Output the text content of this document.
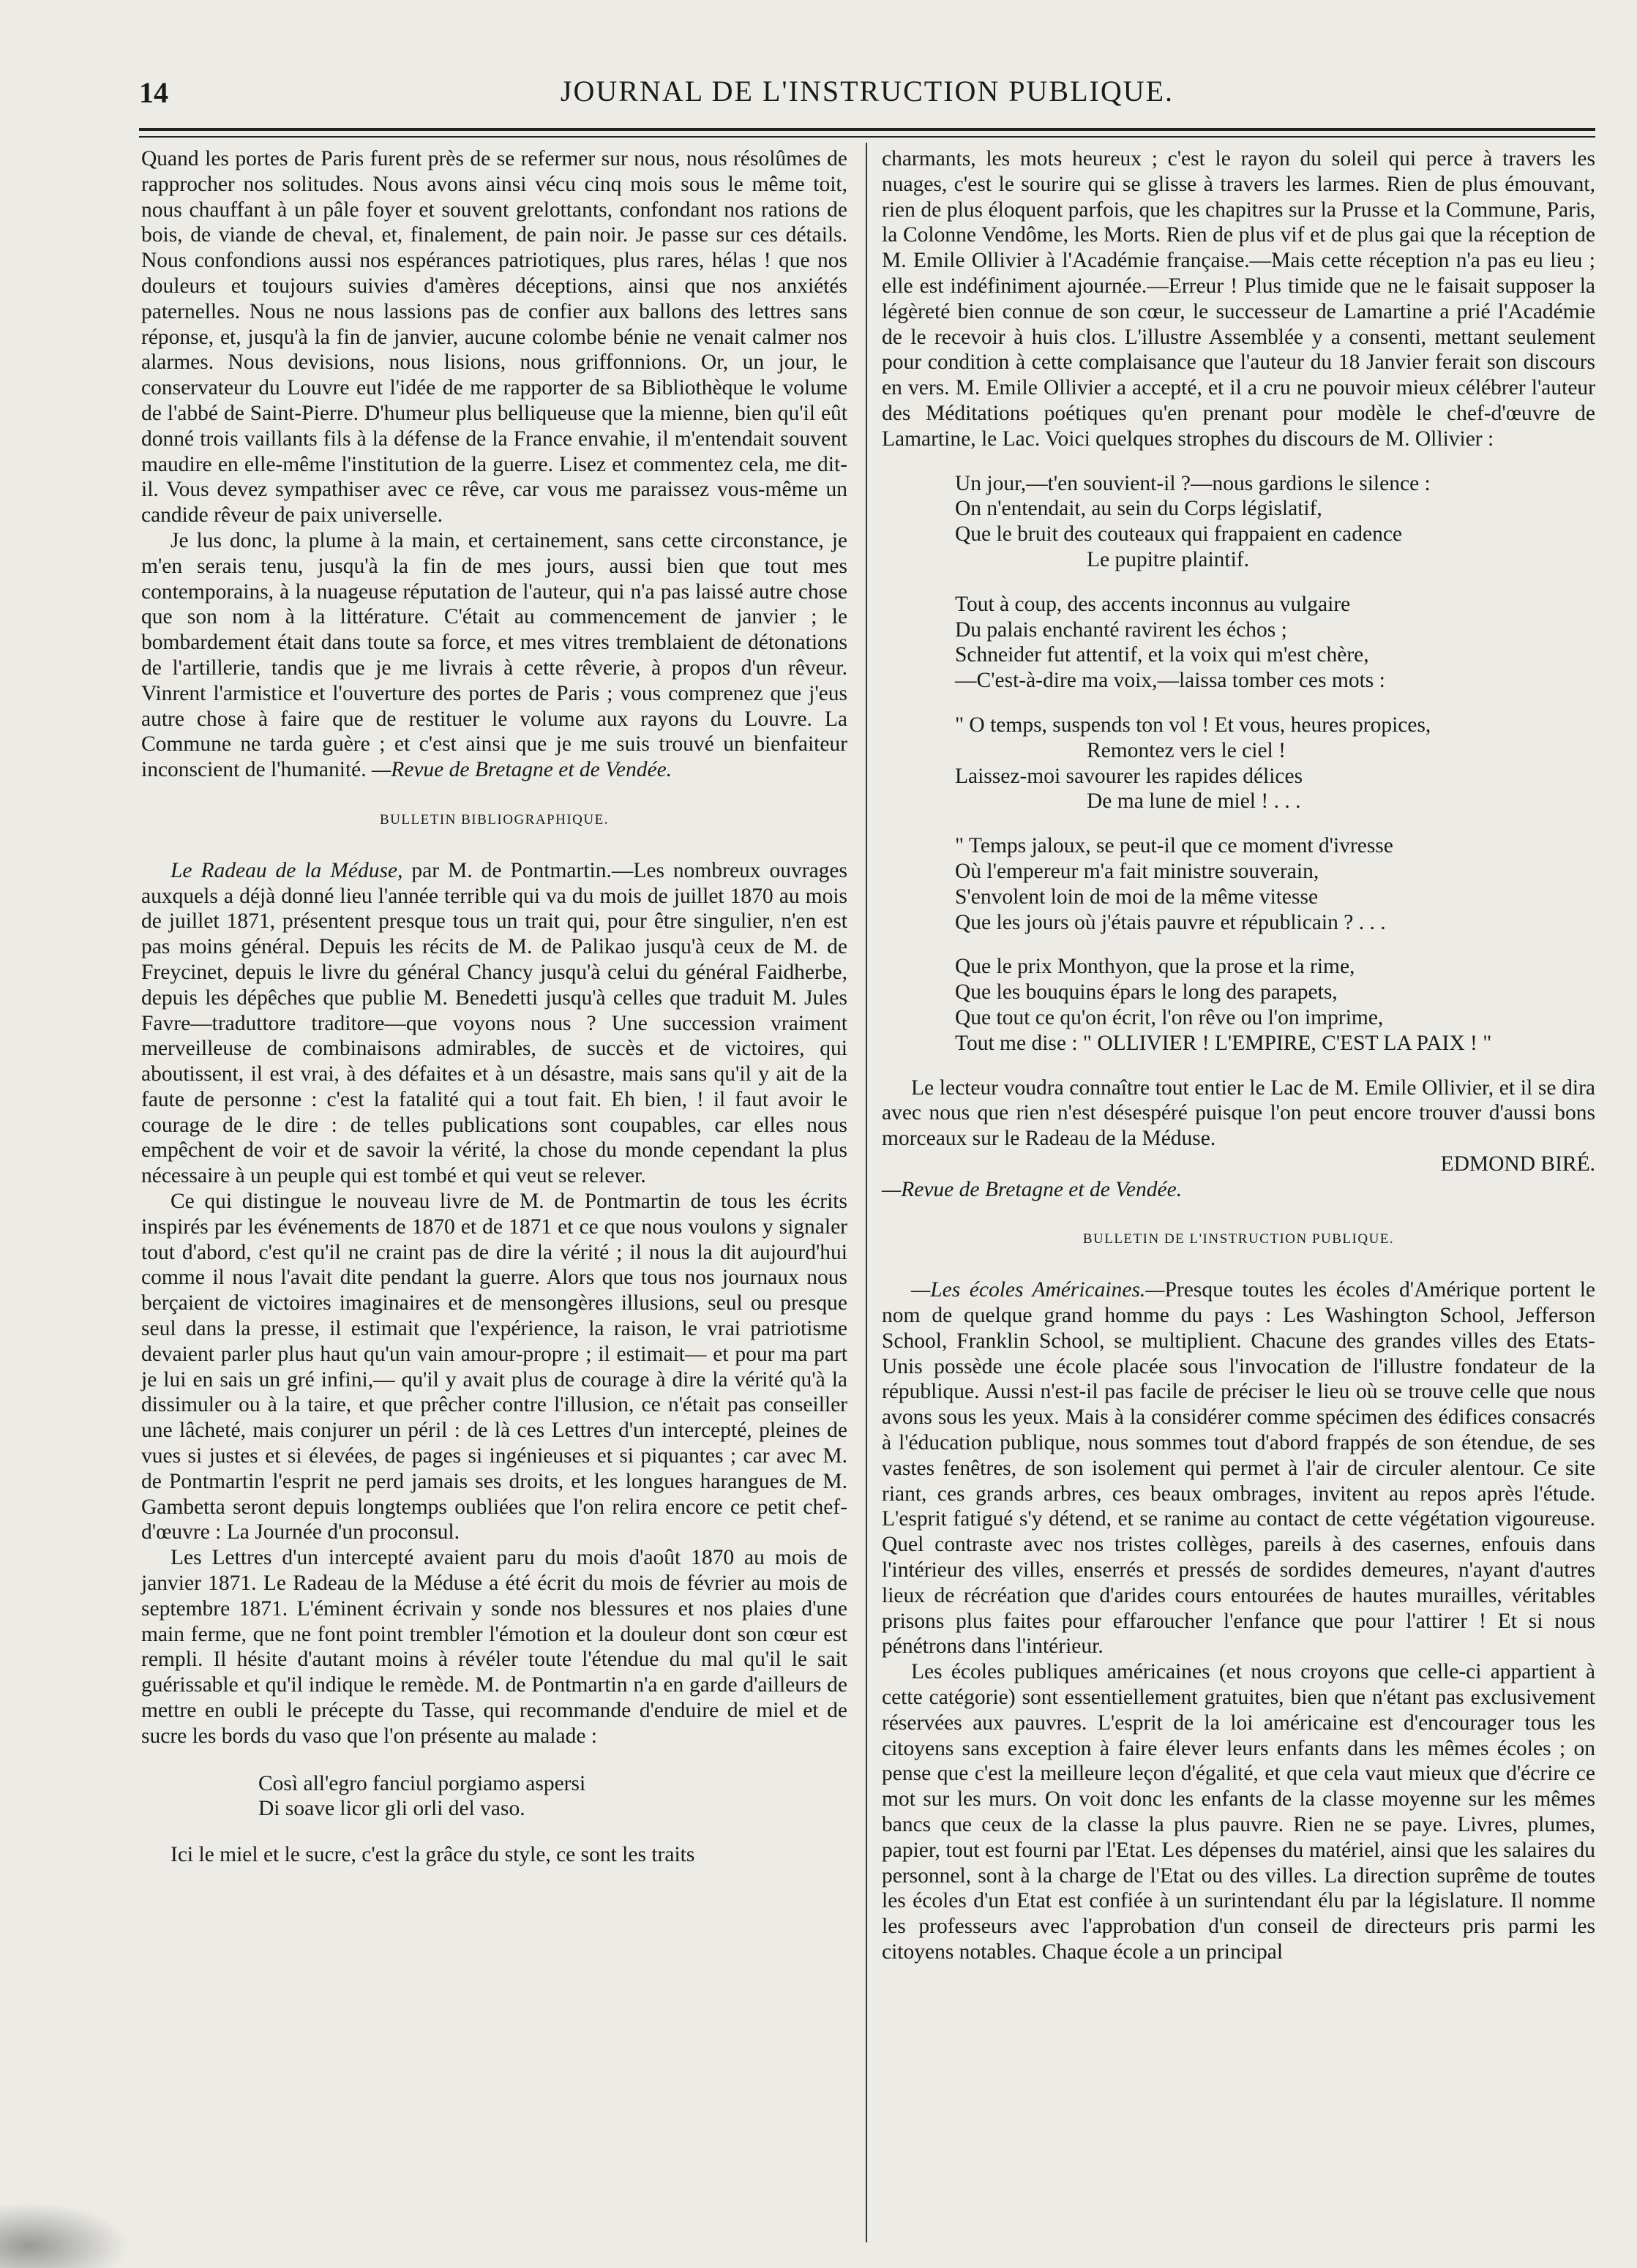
14	JOURNAL DE L'INSTRUCTION PUBLIQUE.

Quand les portes de Paris furent près de se refermer sur nous, nous résolûmes de rapprocher nos solitudes. Nous avons ainsi vécu cinq mois sous le même toit, nous chauffant à un pâle foyer et souvent grelottants, confondant nos rations de bois, de viande de cheval, et, finalement, de pain noir. Je passe sur ces détails. Nous confondions aussi nos espérances patriotiques, plus rares, hélas ! que nos douleurs et toujours suivies d'amères déceptions, ainsi que nos anxiétés paternelles. Nous ne nous lassions pas de confier aux ballons des lettres sans réponse, et, jusqu'à la fin de janvier, aucune colombe bénie ne venait calmer nos alarmes. Nous devisions, nous lisions, nous griffonnions. Or, un jour, le conservateur du Louvre eut l'idée de me rapporter de sa Bibliothèque le volume de l'abbé de Saint-Pierre. D'humeur plus belliqueuse que la mienne, bien qu'il eût donné trois vaillants fils à la défense de la France envahie, il m'entendait souvent maudire en elle-même l'institution de la guerre. Lisez et commentez cela, me dit-il. Vous devez sympathiser avec ce rêve, car vous me paraissez vous-même un candide rêveur de paix universelle.

Je lus donc, la plume à la main, et certainement, sans cette circonstance, je m'en serais tenu, jusqu'à la fin de mes jours, aussi bien que tout mes contemporains, à la nuageuse réputation de l'auteur, qui n'a pas laissé autre chose que son nom à la littérature. C'était au commencement de janvier ; le bombardement était dans toute sa force, et mes vitres tremblaient de détonations de l'artillerie, tandis que je me livrais à cette rêverie, à propos d'un rêveur. Vinrent l'armistice et l'ouverture des portes de Paris ; vous comprenez que j'eus autre chose à faire que de restituer le volume aux rayons du Louvre. La Commune ne tarda guère ; et c'est ainsi que je me suis trouvé un bienfaiteur inconscient de l'humanité. —Revue de Bretagne et de Vendée.

BULLETIN BIBLIOGRAPHIQUE.

Le Radeau de la Méduse, par M. de Pontmartin.—Les nombreux ouvrages auxquels a déjà donné lieu l'année terrible qui va du mois de juillet 1870 au mois de juillet 1871, présentent presque tous un trait qui, pour être singulier, n'en est pas moins général. Depuis les récits de M. de Palikao jusqu'à ceux de M. de Freycinet, depuis le livre du général Chancy jusqu'à celui du général Faidherbe, depuis les dépêches que publie M. Benedetti jusqu'à celles que traduit M. Jules Favre—traduttore traditore—que voyons nous ? Une succession vraiment merveilleuse de combinaisons admirables, de succès et de victoires, qui aboutissent, il est vrai, à des défaites et à un désastre, mais sans qu'il y ait de la faute de personne : c'est la fatalité qui a tout fait. Eh bien, ! il faut avoir le courage de le dire : de telles publications sont coupables, car elles nous empêchent de voir et de savoir la vérité, la chose du monde cependant la plus nécessaire à un peuple qui est tombé et qui veut se relever.

Ce qui distingue le nouveau livre de M. de Pontmartin de tous les écrits inspirés par les événements de 1870 et de 1871 et ce que nous voulons y signaler tout d'abord, c'est qu'il ne craint pas de dire la vérité ; il nous la dit aujourd'hui comme il nous l'avait dite pendant la guerre. Alors que tous nos journaux nous berçaient de victoires imaginaires et de mensongères illusions, seul ou presque seul dans la presse, il estimait que l'expérience, la raison, le vrai patriotisme devaient parler plus haut qu'un vain amour-propre ; il estimait— et pour ma part je lui en sais un gré infini,— qu'il y avait plus de courage à dire la vérité qu'à la dissimuler ou à la taire, et que prêcher contre l'illusion, ce n'était pas conseiller une lâcheté, mais conjurer un péril : de là ces Lettres d'un intercepté, pleines de vues si justes et si élevées, de pages si ingénieuses et si piquantes ; car avec M. de Pontmartin l'esprit ne perd jamais ses droits, et les longues harangues de M. Gambetta seront depuis longtemps oubliées que l'on relira encore ce petit chef-d'œuvre : La Journée d'un proconsul.

Les Lettres d'un intercepté avaient paru du mois d'août 1870 au mois de janvier 1871. Le Radeau de la Méduse a été écrit du mois de février au mois de septembre 1871. L'éminent écrivain y sonde nos blessures et nos plaies d'une main ferme, que ne font point trembler l'émotion et la douleur dont son cœur est rempli. Il hésite d'autant moins à révéler toute l'étendue du mal qu'il le sait guérissable et qu'il indique le remède. M. de Pontmartin n'a en garde d'ailleurs de mettre en oubli le précepte du Tasse, qui recommande d'enduire de miel et de sucre les bords du vaso que l'on présente au malade :

Così all'egro fanciul porgiamo aspersi
Di soave licor gli orli del vaso.

Ici le miel et le sucre, c'est la grâce du style, ce sont les traits

charmants, les mots heureux ; c'est le rayon du soleil qui perce à travers les nuages, c'est le sourire qui se glisse à travers les larmes. Rien de plus émouvant, rien de plus éloquent parfois, que les chapitres sur la Prusse et la Commune, Paris, la Colonne Vendôme, les Morts. Rien de plus vif et de plus gai que la réception de M. Emile Ollivier à l'Académie française.—Mais cette réception n'a pas eu lieu ; elle est indéfiniment ajournée.—Erreur ! Plus timide que ne le faisait supposer la légèreté bien connue de son cœur, le successeur de Lamartine a prié l'Académie de le recevoir à huis clos. L'illustre Assemblée y a consenti, mettant seulement pour condition à cette complaisance que l'auteur du 18 Janvier ferait son discours en vers. M. Emile Ollivier a accepté, et il a cru ne pouvoir mieux célébrer l'auteur des Méditations poétiques qu'en prenant pour modèle le chef-d'œuvre de Lamartine, le Lac. Voici quelques strophes du discours de M. Ollivier :

Un jour,—t'en souvient-il ?—nous gardions le silence :
On n'entendait, au sein du Corps législatif,
Que le bruit des couteaux qui frappaient en cadence
Le pupitre plaintif.
Tout à coup, des accents inconnus au vulgaire
Du palais enchanté ravirent les échos ;
Schneider fut attentif, et la voix qui m'est chère,
—C'est-à-dire ma voix,—laissa tomber ces mots :
" O temps, suspends ton vol ! Et vous, heures propices,
Remontez vers le ciel !
Laissez-moi savourer les rapides délices
De ma lune de miel ! . . .
" Temps jaloux, se peut-il que ce moment d'ivresse
Où l'empereur m'a fait ministre souverain,
S'envolent loin de moi de la même vitesse
Que les jours où j'étais pauvre et républicain ? . . .
Que le prix Monthyon, que la prose et la rime,
Que les bouquins épars le long des parapets,
Que tout ce qu'on écrit, l'on rêve ou l'on imprime,
Tout me dise : " OLLIVIER ! L'EMPIRE, C'EST LA PAIX ! "

Le lecteur voudra connaître tout entier le Lac de M. Emile Ollivier, et il se dira avec nous que rien n'est désespéré puisque l'on peut encore trouver d'aussi bons morceaux sur le Radeau de la Méduse.

EDMOND BIRÉ.

—Revue de Bretagne et de Vendée.

BULLETIN DE L'INSTRUCTION PUBLIQUE.

—Les écoles Américaines.—Presque toutes les écoles d'Amérique portent le nom de quelque grand homme du pays : Les Washington School, Jefferson School, Franklin School, se multiplient. Chacune des grandes villes des Etats-Unis possède une école placée sous l'invocation de l'illustre fondateur de la république. Aussi n'est-il pas facile de préciser le lieu où se trouve celle que nous avons sous les yeux. Mais à la considérer comme spécimen des édifices consacrés à l'éducation publique, nous sommes tout d'abord frappés de son étendue, de ses vastes fenêtres, de son isolement qui permet à l'air de circuler alentour. Ce site riant, ces grands arbres, ces beaux ombrages, invitent au repos après l'étude. L'esprit fatigué s'y détend, et se ranime au contact de cette végétation vigoureuse. Quel contraste avec nos tristes collèges, pareils à des casernes, enfouis dans l'intérieur des villes, enserrés et pressés de sordides demeures, n'ayant d'autres lieux de récréation que d'arides cours entourées de hautes murailles, véritables prisons plus faites pour effaroucher l'enfance que pour l'attirer ! Et si nous pénétrons dans l'intérieur.

Les écoles publiques américaines (et nous croyons que celle-ci appartient à cette catégorie) sont essentiellement gratuites, bien que n'étant pas exclusivement réservées aux pauvres. L'esprit de la loi américaine est d'encourager tous les citoyens sans exception à faire élever leurs enfants dans les mêmes écoles ; on pense que c'est la meilleure leçon d'égalité, et que cela vaut mieux que d'écrire ce mot sur les murs. On voit donc les enfants de la classe moyenne sur les mêmes bancs que ceux de la classe la plus pauvre. Rien ne se paye. Livres, plumes, papier, tout est fourni par l'Etat. Les dépenses du matériel, ainsi que les salaires du personnel, sont à la charge de l'Etat ou des villes. La direction suprême de toutes les écoles d'un Etat est confiée à un surintendant élu par la législature. Il nomme les professeurs avec l'approbation d'un conseil de directeurs pris parmi les citoyens notables. Chaque école a un principal
